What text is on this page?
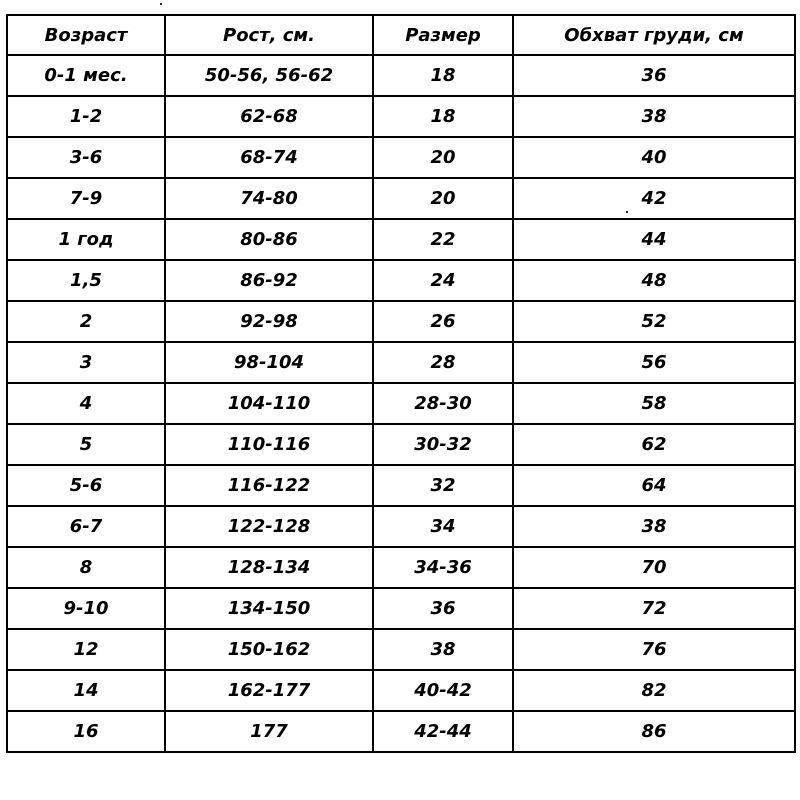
Возраст	Рост, см.	Размер	Обхват груди, см
0-1 мес.	50-56, 56-62	18	36
1-2	62-68	18	38
3-6	68-74	20	40
7-9	74-80	20	42
1 год	80-86	22	44
1,5	86-92	24	48
2	92-98	26	52
3	98-104	28	56
4	104-110	28-30	58
5	110-116	30-32	62
5-6	116-122	32	64
6-7	122-128	34	38
8	128-134	34-36	70
9-10	134-150	36	72
12	150-162	38	76
14	162-177	40-42	82
16	177	42-44	86
